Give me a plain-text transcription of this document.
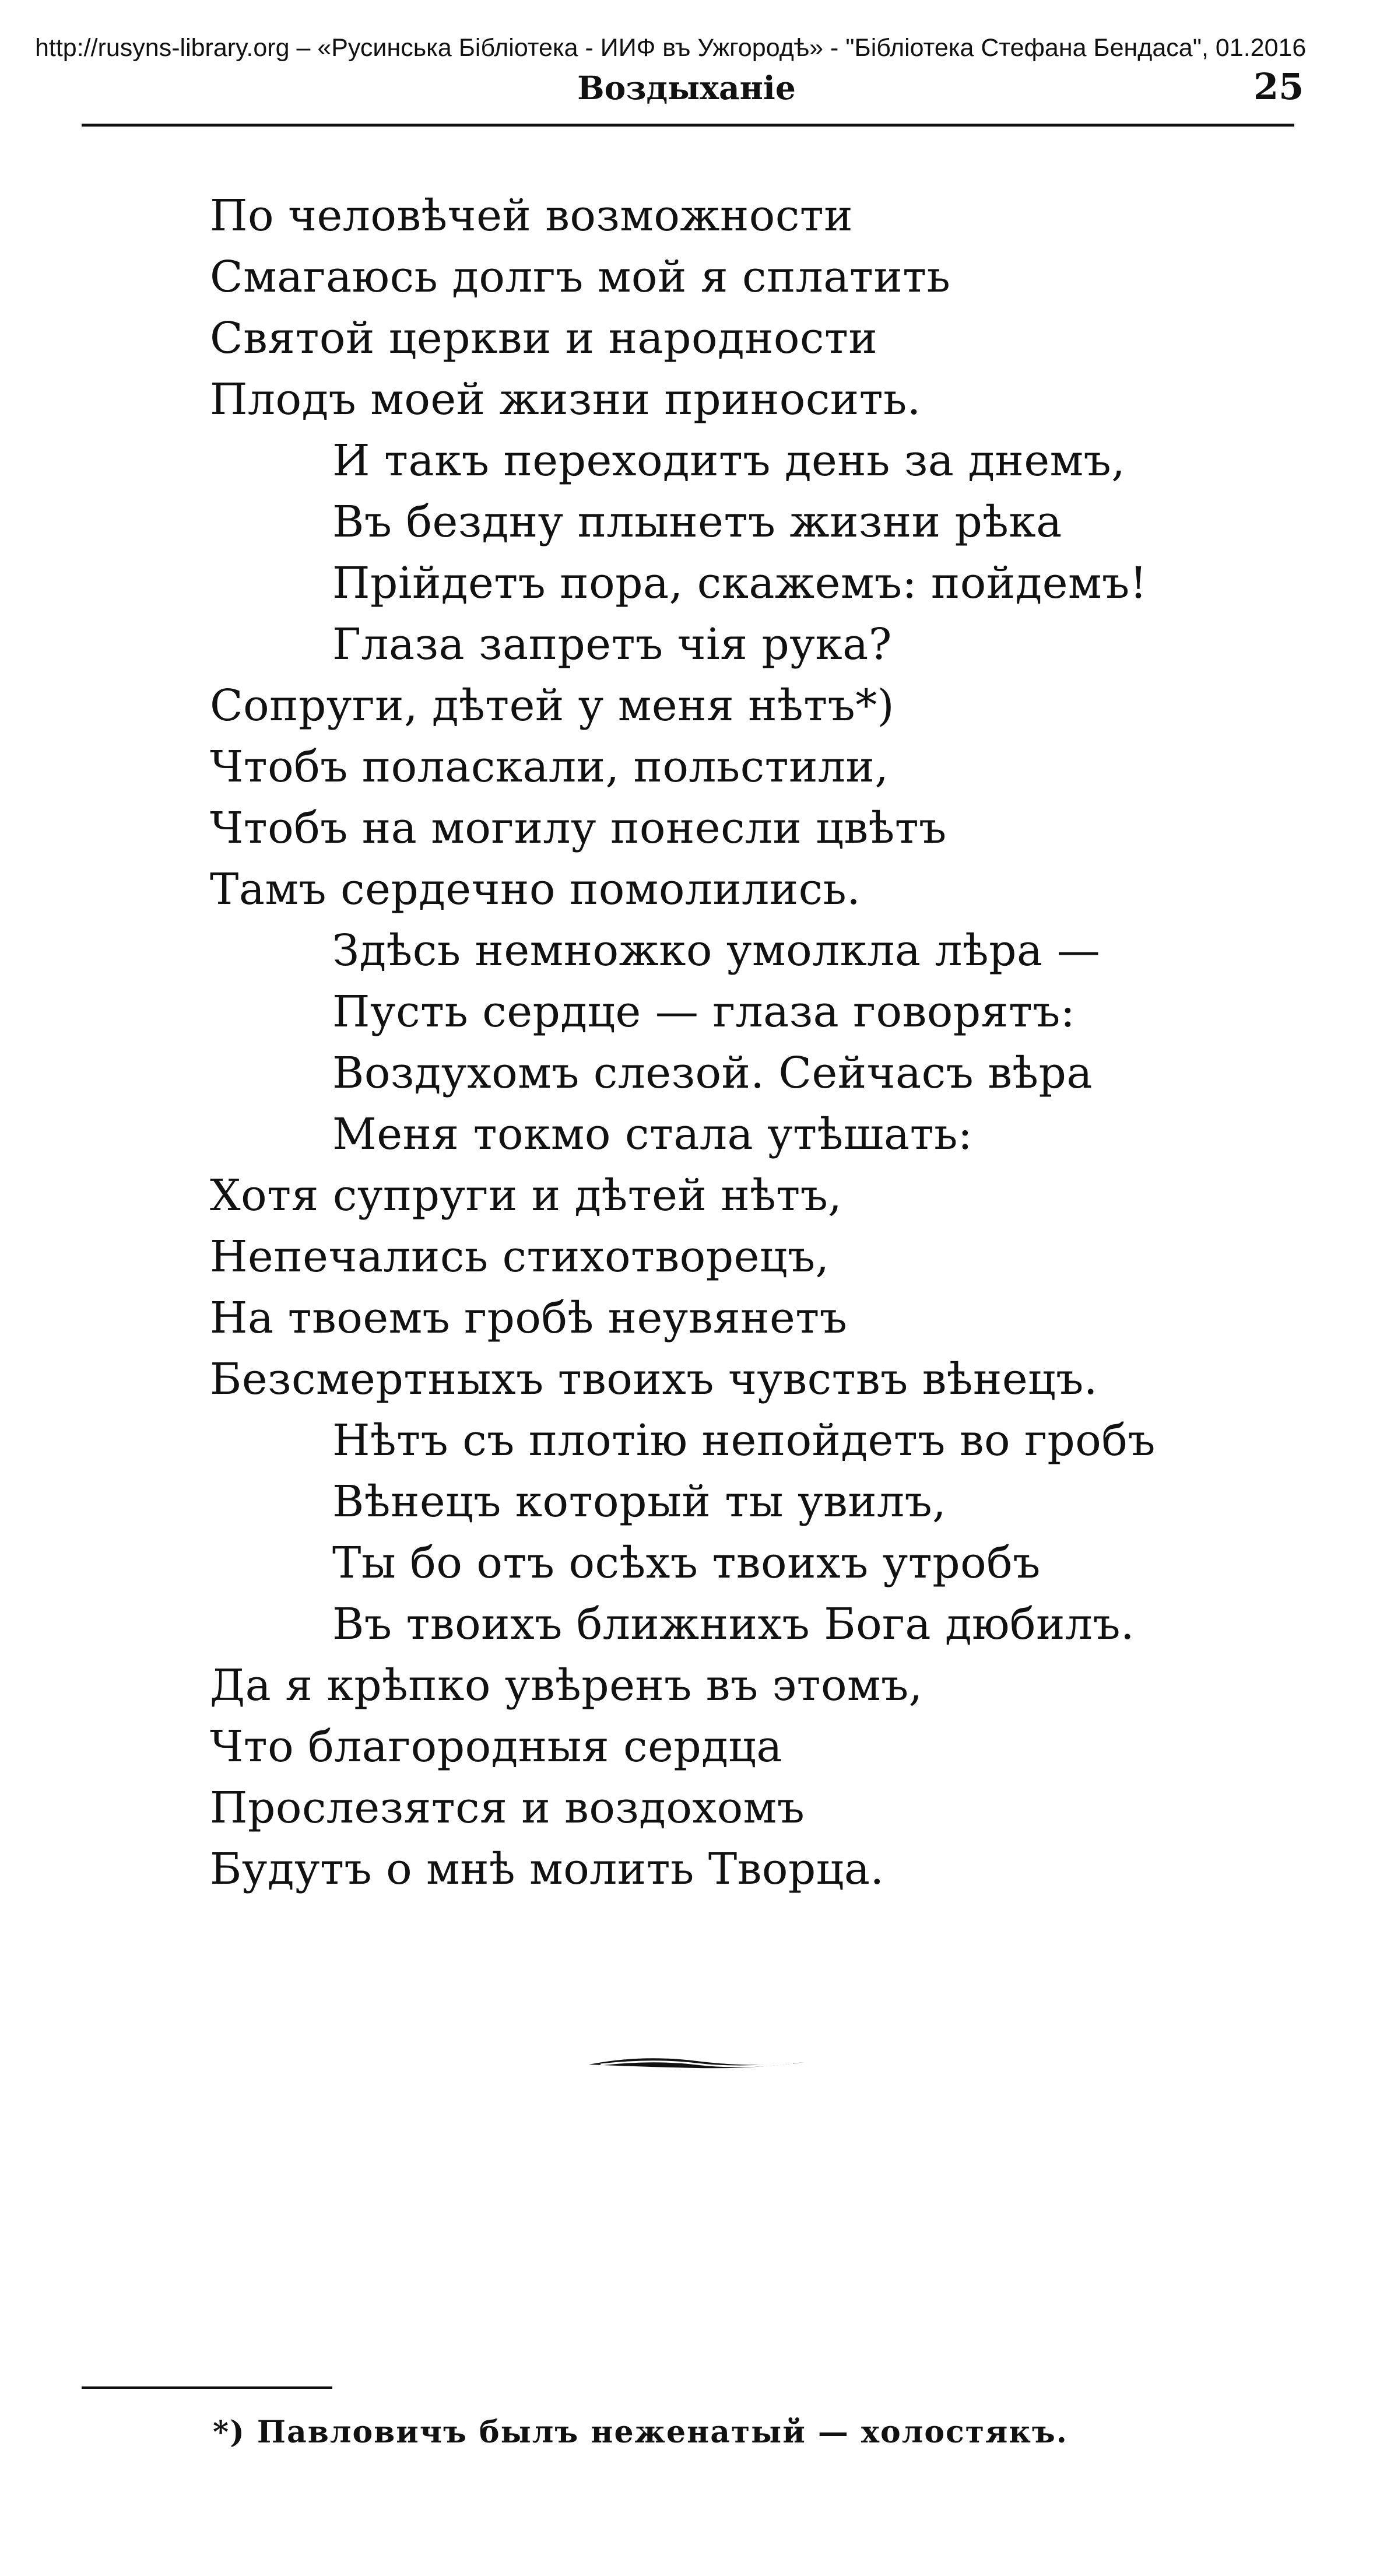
http://rusyns-library.org – «Русинська Бібліотека - ИИФ въ Ужгородѣ» - "Бібліотека Стефана Бендаса", 01.2016
Воздыханіе	25
По человѣчей возможности
Смагаюсь долгъ мой я сплатить
Святой церкви и народности
Плодъ моей жизни приносить.
И такъ переходитъ день за днемъ,
Въ бездну плынетъ жизни рѣка
Прійдетъ пора, скажемъ: пойдемъ!
Глаза запретъ чія рука?
Сопруги, дѣтей у меня нѣтъ*)
Чтобъ поласкали, польстили,
Чтобъ на могилу понесли цвѣтъ
Тамъ сердечно помолились.
Здѣсь немножко умолкла лѣра —
Пусть сердце — глаза говорятъ:
Воздухомъ слезой. Сейчасъ вѣра
Меня токмо стала утѣшать:
Хотя супруги и дѣтей нѣтъ,
Непечались стихотворецъ,
На твоемъ гробѣ неувянетъ
Безсмертныхъ твоихъ чувствъ вѣнецъ.
Нѣтъ съ плотію непойдетъ во гробъ
Вѣнецъ который ты увилъ,
Ты бо отъ осѣхъ твоихъ утробъ
Въ твоихъ ближнихъ Бога дюбилъ.
Да я крѣпко увѣренъ въ этомъ,
Что благородныя сердца
Прослезятся и воздохомъ
Будутъ о мнѣ молить Творца.
*) Павловичъ былъ неженатый — холостякъ.
